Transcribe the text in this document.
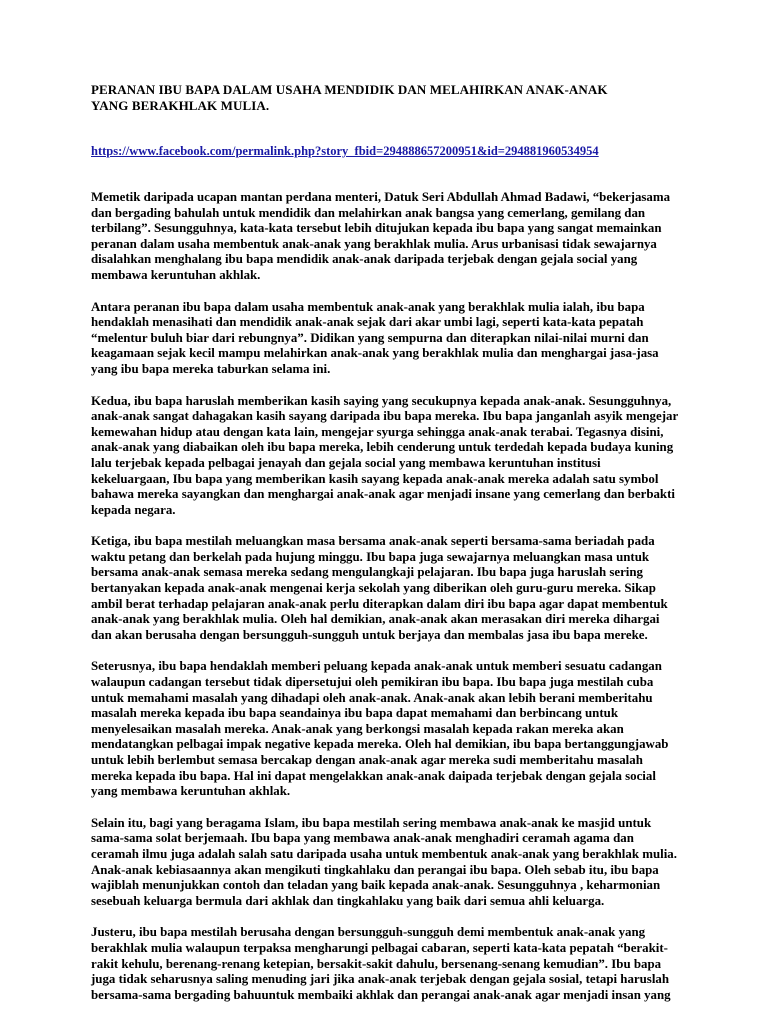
PERANAN IBU BAPA DALAM USAHA MENDIDIK DAN MELAHIRKAN ANAK-ANAK
YANG BERAKHLAK MULIA.
https://www.facebook.com/permalink.php?story_fbid=294888657200951&id=294881960534954

Memetik daripada ucapan mantan perdana menteri, Datuk Seri Abdullah Ahmad Badawi, “bekerjasama dan bergading bahulah untuk mendidik dan melahirkan anak bangsa yang cemerlang, gemilang dan terbilang”. Sesungguhnya, kata-kata tersebut lebih ditujukan kepada ibu bapa yang sangat memainkan peranan dalam usaha membentuk anak-anak yang berakhlak mulia. Arus urbanisasi tidak sewajarnya disalahkan menghalang ibu bapa mendidik anak-anak daripada terjebak dengan gejala social yang membawa keruntuhan akhlak.

Antara peranan ibu bapa dalam usaha membentuk anak-anak yang berakhlak mulia ialah, ibu bapa hendaklah menasihati dan mendidik anak-anak sejak dari akar umbi lagi, seperti kata-kata pepatah “melentur buluh biar dari rebungnya”. Didikan yang sempurna dan diterapkan nilai-nilai murni dan keagamaan sejak kecil mampu melahirkan anak-anak yang berakhlak mulia dan menghargai jasa-jasa yang ibu bapa mereka taburkan selama ini.

Kedua, ibu bapa haruslah memberikan kasih saying yang secukupnya kepada anak-anak. Sesungguhnya, anak-anak sangat dahagakan kasih sayang daripada ibu bapa mereka. Ibu bapa janganlah asyik mengejar kemewahan hidup atau dengan kata lain, mengejar syurga sehingga anak-anak terabai. Tegasnya disini, anak-anak yang diabaikan oleh ibu bapa mereka, lebih cenderung untuk terdedah kepada budaya kuning lalu terjebak kepada pelbagai jenayah dan gejala social yang membawa keruntuhan institusi kekeluargaan, Ibu bapa yang memberikan kasih sayang kepada anak-anak mereka adalah satu symbol bahawa mereka sayangkan dan menghargai anak-anak agar menjadi insane yang cemerlang dan berbakti kepada negara.

Ketiga, ibu bapa mestilah meluangkan masa bersama anak-anak seperti bersama-sama beriadah pada waktu petang dan berkelah pada hujung minggu. Ibu bapa juga sewajarnya meluangkan masa untuk bersama anak-anak semasa mereka sedang mengulangkaji pelajaran. Ibu bapa juga haruslah sering bertanyakan kepada anak-anak mengenai kerja sekolah yang diberikan oleh guru-guru mereka. Sikap ambil berat terhadap pelajaran anak-anak perlu diterapkan dalam diri ibu bapa agar dapat membentuk anak-anak yang berakhlak mulia. Oleh hal demikian, anak-anak akan merasakan diri mereka dihargai dan akan berusaha dengan bersungguh-sungguh untuk berjaya dan membalas jasa ibu bapa mereke.

Seterusnya, ibu bapa hendaklah memberi peluang kepada anak-anak untuk memberi sesuatu cadangan walaupun cadangan tersebut tidak dipersetujui oleh pemikiran ibu bapa. Ibu bapa juga mestilah cuba untuk memahami masalah yang dihadapi oleh anak-anak. Anak-anak akan lebih berani memberitahu masalah mereka kepada ibu bapa seandainya ibu bapa dapat memahami dan berbincang untuk menyelesaikan masalah mereka. Anak-anak yang berkongsi masalah kepada rakan mereka akan mendatangkan pelbagai impak negative kepada mereka. Oleh hal demikian, ibu bapa bertanggungjawab untuk lebih berlembut semasa bercakap dengan anak-anak agar mereka sudi memberitahu masalah mereka kepada ibu bapa. Hal ini dapat mengelakkan anak-anak daipada terjebak dengan gejala social yang membawa keruntuhan akhlak.

Selain itu, bagi yang beragama Islam, ibu bapa mestilah sering membawa anak-anak ke masjid untuk sama-sama solat berjemaah. Ibu bapa yang membawa anak-anak menghadiri ceramah agama dan ceramah ilmu juga adalah salah satu daripada usaha untuk membentuk anak-anak yang berakhlak mulia. Anak-anak kebiasaannya akan mengikuti tingkahlaku dan perangai ibu bapa. Oleh sebab itu, ibu bapa wajiblah menunjukkan contoh dan teladan yang baik kepada anak-anak. Sesungguhnya , keharmonian sesebuah keluarga bermula dari akhlak dan tingkahlaku yang baik dari semua ahli keluarga.

Justeru, ibu bapa mestilah berusaha dengan bersungguh-sungguh demi membentuk anak-anak yang berakhlak mulia walaupun terpaksa mengharungi pelbagai cabaran, seperti kata-kata pepatah “berakit-rakit kehulu, berenang-renang ketepian, bersakit-sakit dahulu, bersenang-senang kemudian”. Ibu bapa juga tidak seharusnya saling menuding jari jika anak-anak terjebak dengan gejala sosial, tetapi haruslah bersama-sama bergading bahuuntuk membaiki akhlak dan perangai anak-anak agar menjadi insan yang
